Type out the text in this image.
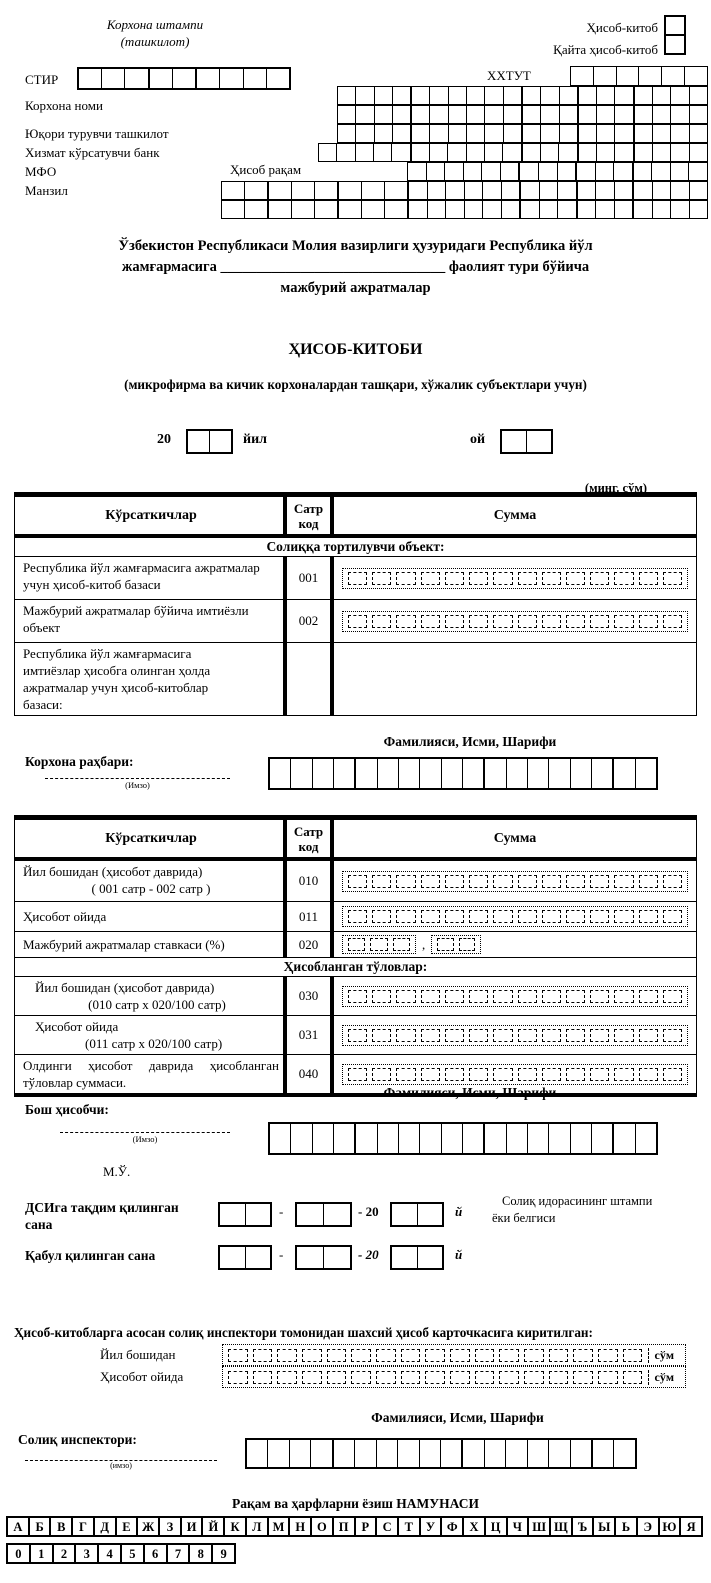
Корхона штампи
(ташкилот)
Ҳисоб-китоб
Қайта ҳисоб-китоб
СТИР	ХХТУТ
Корхона номи
Юқори турувчи ташкилот
Хизмат кўрсатувчи банк
МФО	Ҳисоб рақам
Манзил
Ўзбекистон Республикаси Молия вазирлиги ҳузуридаги Республика йўл
жамғармасига _______________________________ фаолият тури бўйича
мажбурий ажратмалар
ҲИСОБ-КИТОБИ
(микрофирма ва кичик корхоналардан ташқари, хўжалик субъектлари учун)
20	йил	ой
(минг. сўм)
Кўрсаткичлар	Сатр
код
Сумма
Солиққа тортилувчи объект:
Республика йўл жамғармасига ажратмалар учун ҳисоб-китоб базаси	001
Мажбурий ажратмалар бўйича имтиёзли объект	002
Республика йўл жамғармасига имтиёзлар ҳисобга олинган ҳолда ажратмалар учун ҳисоб-китоблар базаси:
Фамилияси, Исми, Шарифи
Корхона раҳбари:
(Имзо)
Кўрсаткичлар	Сатр
код
Сумма
Йил бошидан (ҳисобот даврида)
( 001 сатр - 002 сатр )
010
Ҳисобот ойида	011
Мажбурий ажратмалар ставкаси (%)	020	,
Ҳисобланган тўловлар:
Йил бошидан (ҳисобот даврида)
(010 сатр х 020/100 сатр)
030
Ҳисобот ойида
(011 сатр х 020/100 сатр)
031
Олдинги ҳисобот даврида ҳисобланган тўловлар суммаси.
040
Фамилияси, Исми, Шарифи
Бош ҳисобчи:
(Имзо)
М.Ў.
ДСИга тақдим қилинган сана
-	- 20	й
Солиқ идорасининг штампи
ёки белгиси
Қабул қилинган сана	-	- 20	й
Ҳисоб-китобларга асосан солиқ инспектори томонидан шахсий ҳисоб карточкасига киритилган:
Йил бошидан	сўм
Ҳисобот ойида	сўм
Фамилияси, Исми, Шарифи
Солиқ инспектори:
(имзо)
Рақам ва ҳарфларни ёзиш НАМУНАСИ
А	Б	В	Г	Д	Е Ж З	И Й К	Л М Н О П	Р	С	Т	У Ф Х Ц Ч Ш Щ Ъ Ы Ь	Э Ю Я
0	1	2	3	4	5	6	7	8	9
